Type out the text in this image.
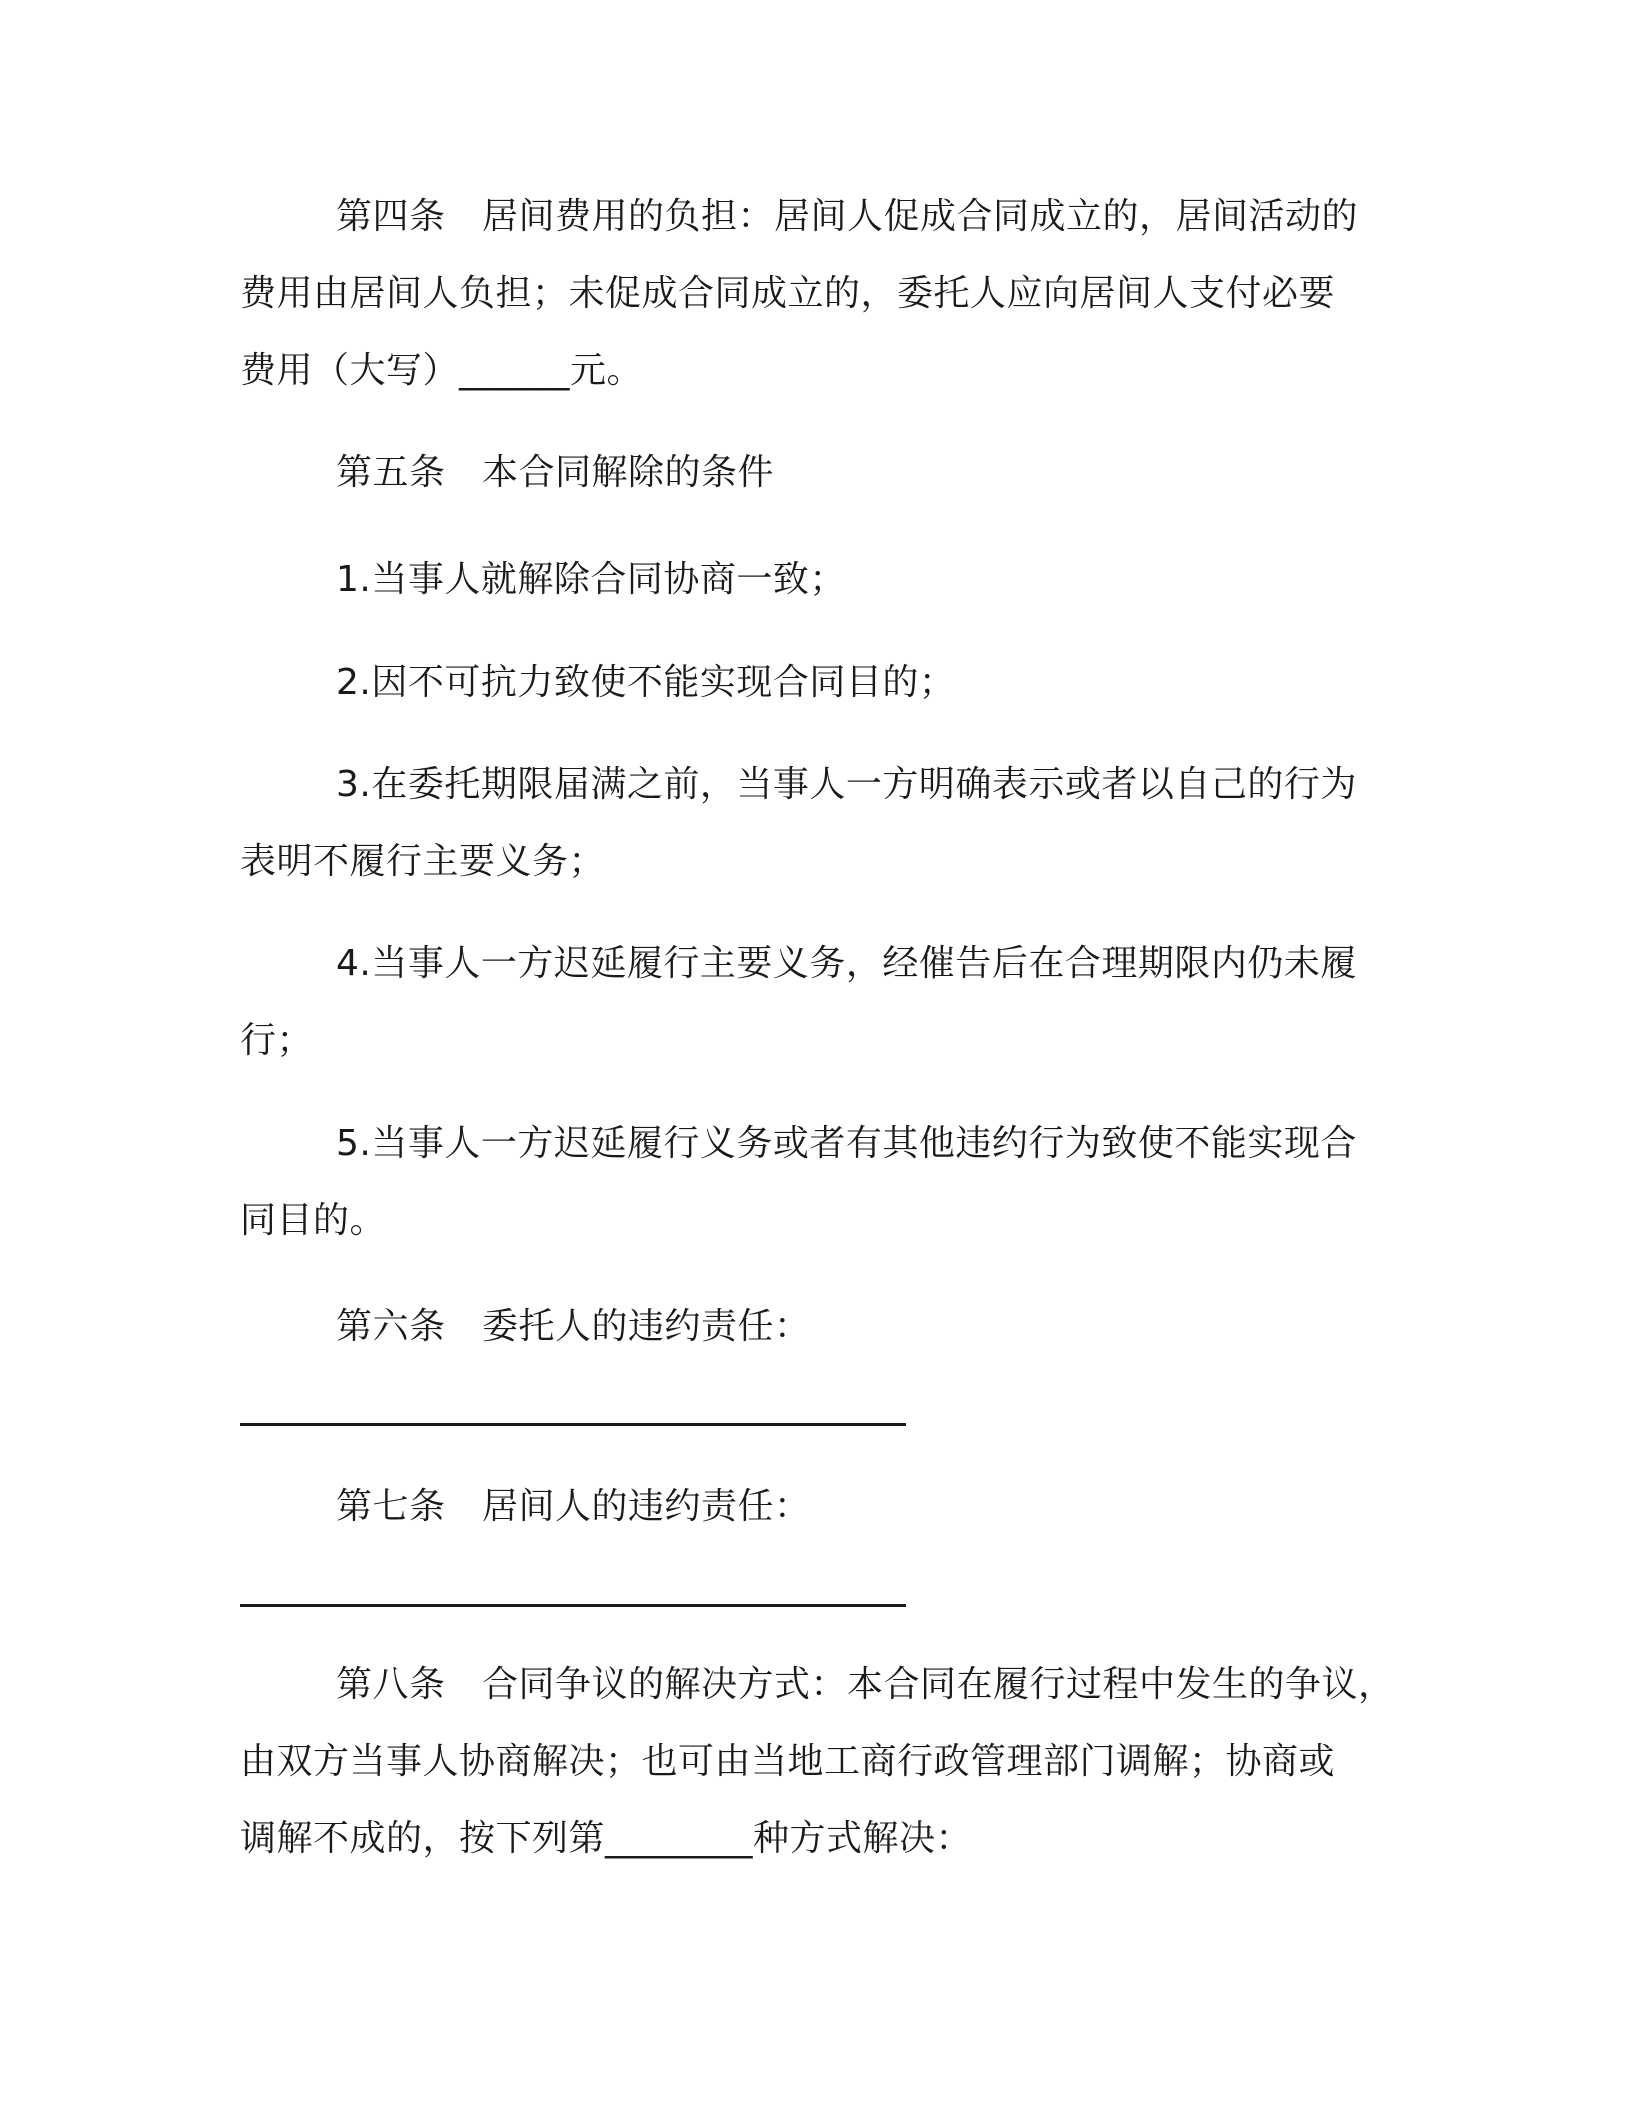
第四条　居间费用的负担：居间人促成合同成立的，居间活动的
费用由居间人负担；未促成合同成立的，委托人应向居间人支付必要
费用（大写）______元。
第五条　本合同解除的条件
1.当事人就解除合同协商一致；
2.因不可抗力致使不能实现合同目的；
3.在委托期限届满之前，当事人一方明确表示或者以自己的行为
表明不履行主要义务；
4.当事人一方迟延履行主要义务，经催告后在合理期限内仍未履
行；
5.当事人一方迟延履行义务或者有其他违约行为致使不能实现合
同目的。
第六条　委托人的违约责任：
第七条　居间人的违约责任：
第八条　合同争议的解决方式：本合同在履行过程中发生的争议，
由双方当事人协商解决；也可由当地工商行政管理部门调解；协商或
调解不成的，按下列第________种方式解决：
